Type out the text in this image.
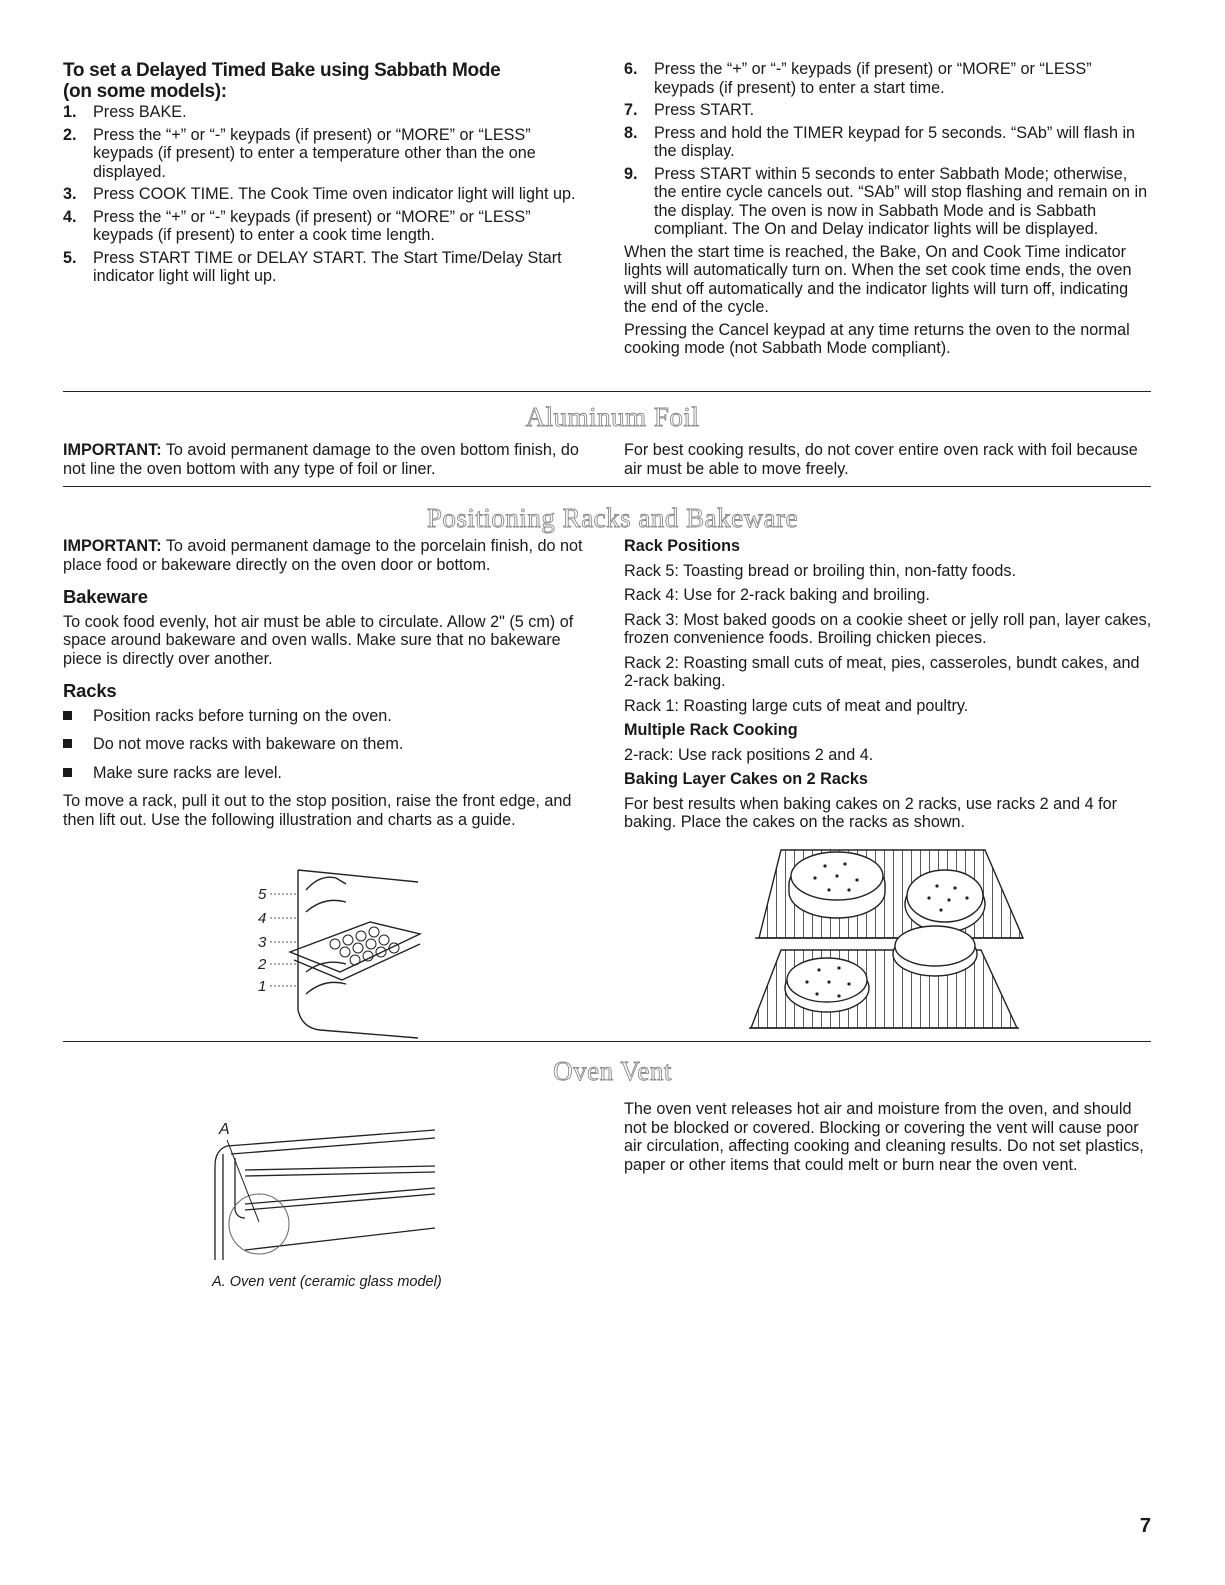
To set a Delayed Timed Bake using Sabbath Mode
(on some models):
1. Press BAKE.
2. Press the “+” or “-” keypads (if present) or “MORE” or “LESS” keypads (if present) to enter a temperature other than the one displayed.
3. Press COOK TIME. The Cook Time oven indicator light will light up.
4. Press the “+” or “-” keypads (if present) or “MORE” or “LESS” keypads (if present) to enter a cook time length.
5. Press START TIME or DELAY START. The Start Time/Delay Start indicator light will light up.
6. Press the “+” or “-” keypads (if present) or “MORE” or “LESS” keypads (if present) to enter a start time.
7. Press START.
8. Press and hold the TIMER keypad for 5 seconds. “SAb” will flash in the display.
9. Press START within 5 seconds to enter Sabbath Mode; otherwise, the entire cycle cancels out. “SAb” will stop flashing and remain on in the display. The oven is now in Sabbath Mode and is Sabbath compliant. The On and Delay indicator lights will be displayed.

When the start time is reached, the Bake, On and Cook Time indicator lights will automatically turn on. When the set cook time ends, the oven will shut off automatically and the indicator lights will turn off, indicating the end of the cycle.

Pressing the Cancel keypad at any time returns the oven to the normal cooking mode (not Sabbath Mode compliant).

Aluminum Foil

IMPORTANT: To avoid permanent damage to the oven bottom finish, do not line the oven bottom with any type of foil or liner.

For best cooking results, do not cover entire oven rack with foil because air must be able to move freely.

Positioning Racks and Bakeware

IMPORTANT: To avoid permanent damage to the porcelain finish, do not place food or bakeware directly on the oven door or bottom.

Bakeware

To cook food evenly, hot air must be able to circulate. Allow 2" (5 cm) of space around bakeware and oven walls. Make sure that no bakeware piece is directly over another.

Racks
Position racks before turning on the oven.
Do not move racks with bakeware on them.
Make sure racks are level.

To move a rack, pull it out to the stop position, raise the front edge, and then lift out. Use the following illustration and charts as a guide.

5
4
3
2
1
Rack Positions

Rack 5: Toasting bread or broiling thin, non-fatty foods.

Rack 4: Use for 2-rack baking and broiling.

Rack 3: Most baked goods on a cookie sheet or jelly roll pan, layer cakes, frozen convenience foods. Broiling chicken pieces.

Rack 2: Roasting small cuts of meat, pies, casseroles, bundt cakes, and 2-rack baking.

Rack 1: Roasting large cuts of meat and poultry.

Multiple Rack Cooking

2-rack: Use rack positions 2 and 4.

Baking Layer Cakes on 2 Racks

For best results when baking cakes on 2 racks, use racks 2 and 4 for baking. Place the cakes on the racks as shown.

Oven Vent
A
A. Oven vent (ceramic glass model)

The oven vent releases hot air and moisture from the oven, and should not be blocked or covered. Blocking or covering the vent will cause poor air circulation, affecting cooking and cleaning results. Do not set plastics, paper or other items that could melt or burn near the oven vent.

7
